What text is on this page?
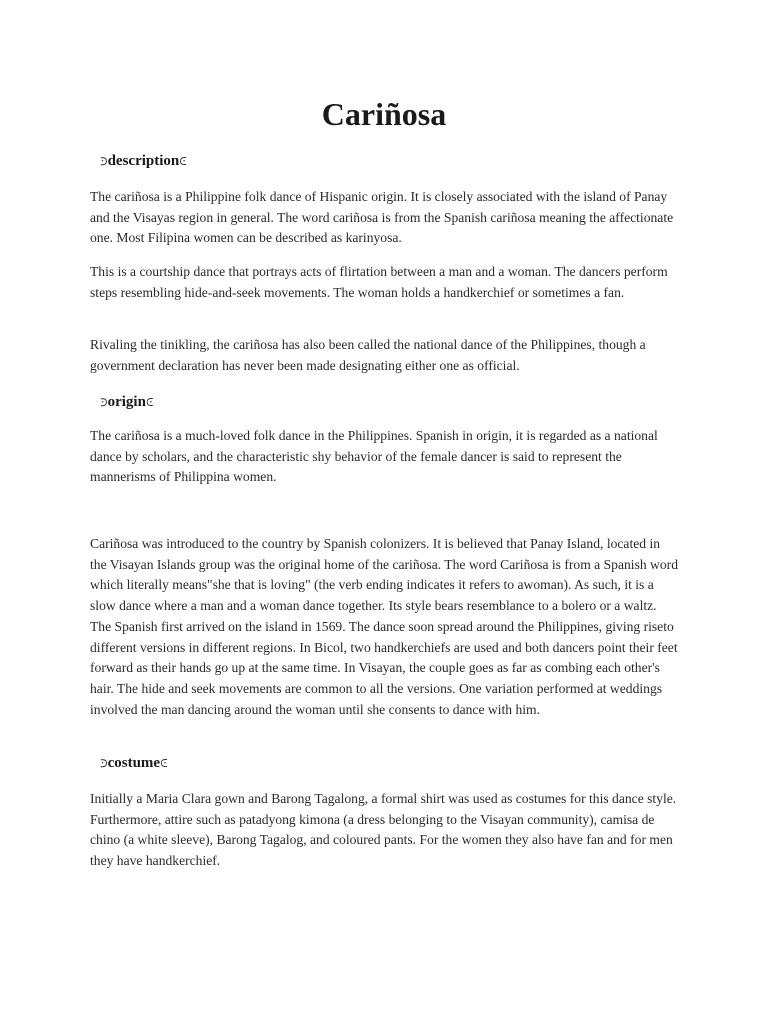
Cariñosa
⪾description⪽

The cariñosa is a Philippine folk dance of Hispanic origin. It is closely associated with the island of Panay and the Visayas region in general. The word cariñosa is from the Spanish cariñosa meaning the affectionate one. Most Filipina women can be described as karinyosa.

This is a courtship dance that portrays acts of flirtation between a man and a woman. The dancers perform steps resembling hide-and-seek movements. The woman holds a handkerchief or sometimes a fan.

Rivaling the tinikling, the cariñosa has also been called the national dance of the Philippines, though a government declaration has never been made designating either one as official.

⪾origin⪽

The cariñosa is a much-loved folk dance in the Philippines. Spanish in origin, it is regarded as a national dance by scholars, and the characteristic shy behavior of the female dancer is said to represent the mannerisms of Philippina women.

Cariñosa was introduced to the country by Spanish colonizers. It is believed that Panay Island, located in the Visayan Islands group was the original home of the cariñosa. The word Cariñosa is from a Spanish word which literally means"she that is loving" (the verb ending indicates it refers to awoman). As such, it is a slow dance where a man and a woman dance together. Its style bears resemblance to a bolero or a waltz. The Spanish first arrived on the island in 1569. The dance soon spread around the Philippines, giving riseto different versions in different regions. In Bicol, two handkerchiefs are used and both dancers point their feet forward as their hands go up at the same time. In Visayan, the couple goes as far as combing each other's hair. The hide and seek movements are common to all the versions. One variation performed at weddings involved the man dancing around the woman until she consents to dance with him.

⪾costume⪽

Initially a Maria Clara gown and Barong Tagalong, a formal shirt was used as costumes for this dance style. Furthermore, attire such as patadyong kimona (a dress belonging to the Visayan community), camisa de chino (a white sleeve), Barong Tagalog, and coloured pants. For the women they also have fan and for men they have handkerchief.
